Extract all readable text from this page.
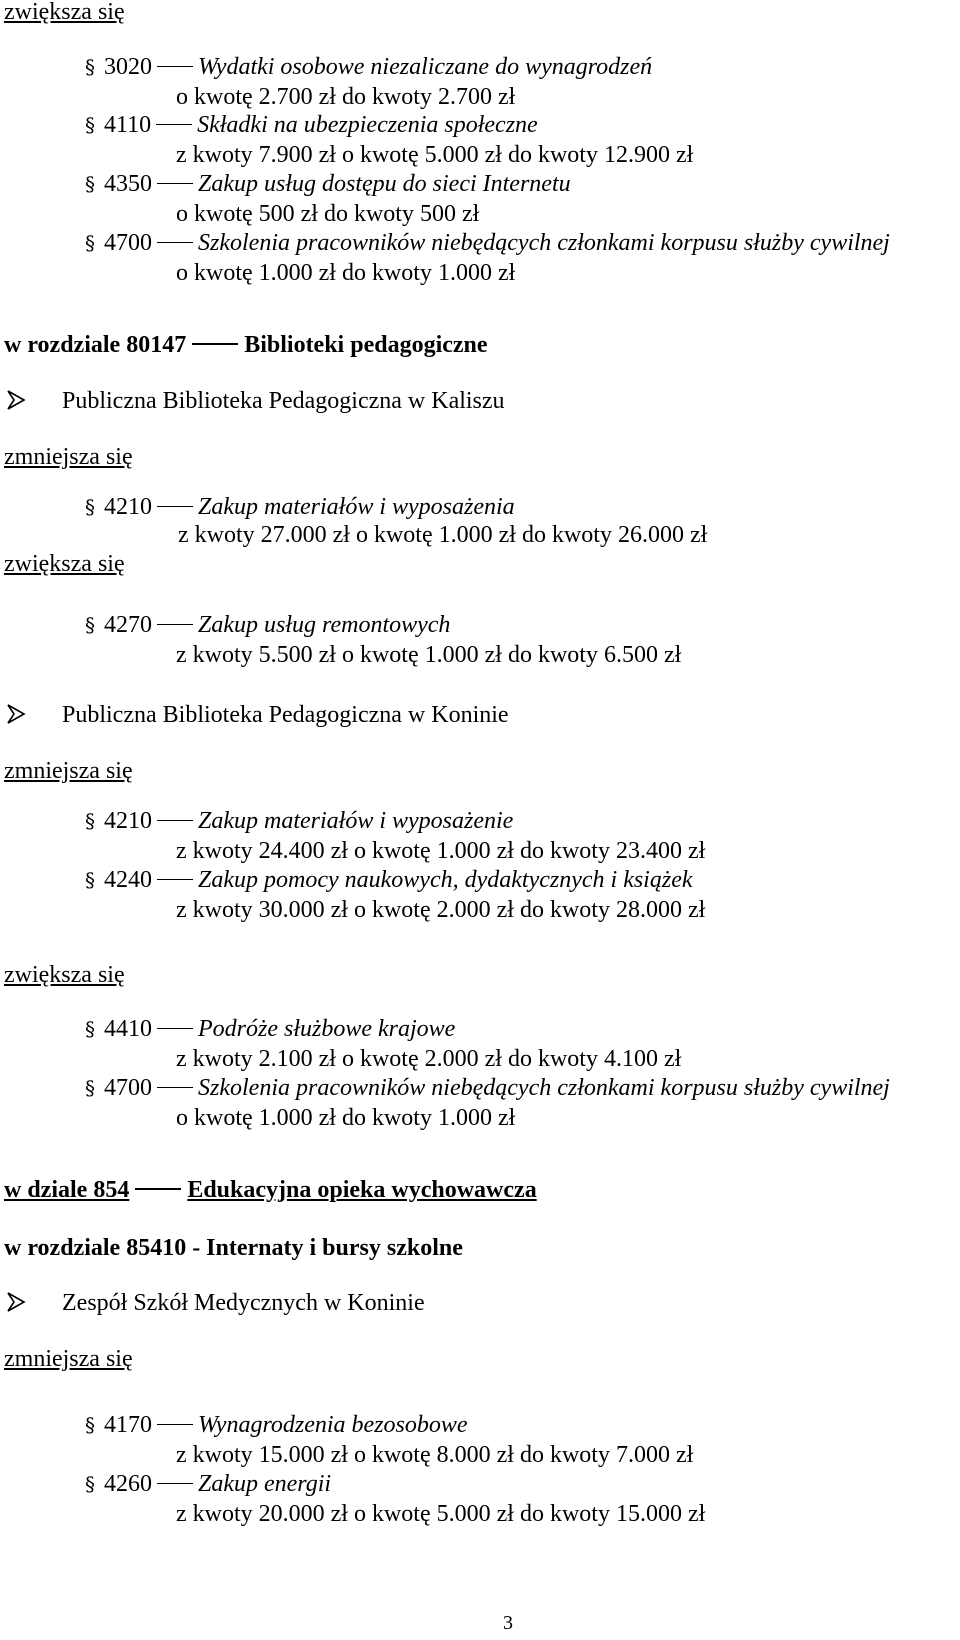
zwiększa się
§ 3020 Wydatki osobowe niezaliczane do wynagrodzeń
o kwotę 2.700 zł do kwoty 2.700 zł
§ 4110 Składki na ubezpieczenia społeczne
z kwoty 7.900 zł o kwotę 5.000 zł do kwoty 12.900 zł
§ 4350 Zakup usług dostępu do sieci Internetu
o kwotę 500 zł do kwoty 500 zł
§ 4700 Szkolenia pracowników niebędących członkami korpusu służby cywilnej
o kwotę 1.000 zł do kwoty 1.000 zł
w rozdziale 80147 Biblioteki pedagogiczne
Publiczna Biblioteka Pedagogiczna w Kaliszu
zmniejsza się
§ 4210 Zakup materiałów i wyposażenia
z kwoty 27.000 zł o kwotę 1.000 zł do kwoty 26.000 zł
zwiększa się
§ 4270 Zakup usług remontowych
z kwoty 5.500 zł o kwotę 1.000 zł do kwoty 6.500 zł
Publiczna Biblioteka Pedagogiczna w Koninie
zmniejsza się
§ 4210 Zakup materiałów i wyposażenie
z kwoty 24.400 zł o kwotę 1.000 zł do kwoty 23.400 zł
§ 4240 Zakup pomocy naukowych, dydaktycznych i książek
z kwoty 30.000 zł o kwotę 2.000 zł do kwoty 28.000 zł
zwiększa się
§ 4410 Podróże służbowe krajowe
z kwoty 2.100 zł o kwotę 2.000 zł do kwoty 4.100 zł
§ 4700 Szkolenia pracowników niebędących członkami korpusu służby cywilnej
o kwotę 1.000 zł do kwoty 1.000 zł
w dziale 854 Edukacyjna opieka wychowawcza
w rozdziale 85410 - Internaty i bursy szkolne
Zespół Szkół Medycznych w Koninie
zmniejsza się
§ 4170 Wynagrodzenia bezosobowe
z kwoty 15.000 zł o kwotę 8.000 zł do kwoty 7.000 zł
§ 4260 Zakup energii
z kwoty 20.000 zł o kwotę 5.000 zł do kwoty 15.000 zł
3
